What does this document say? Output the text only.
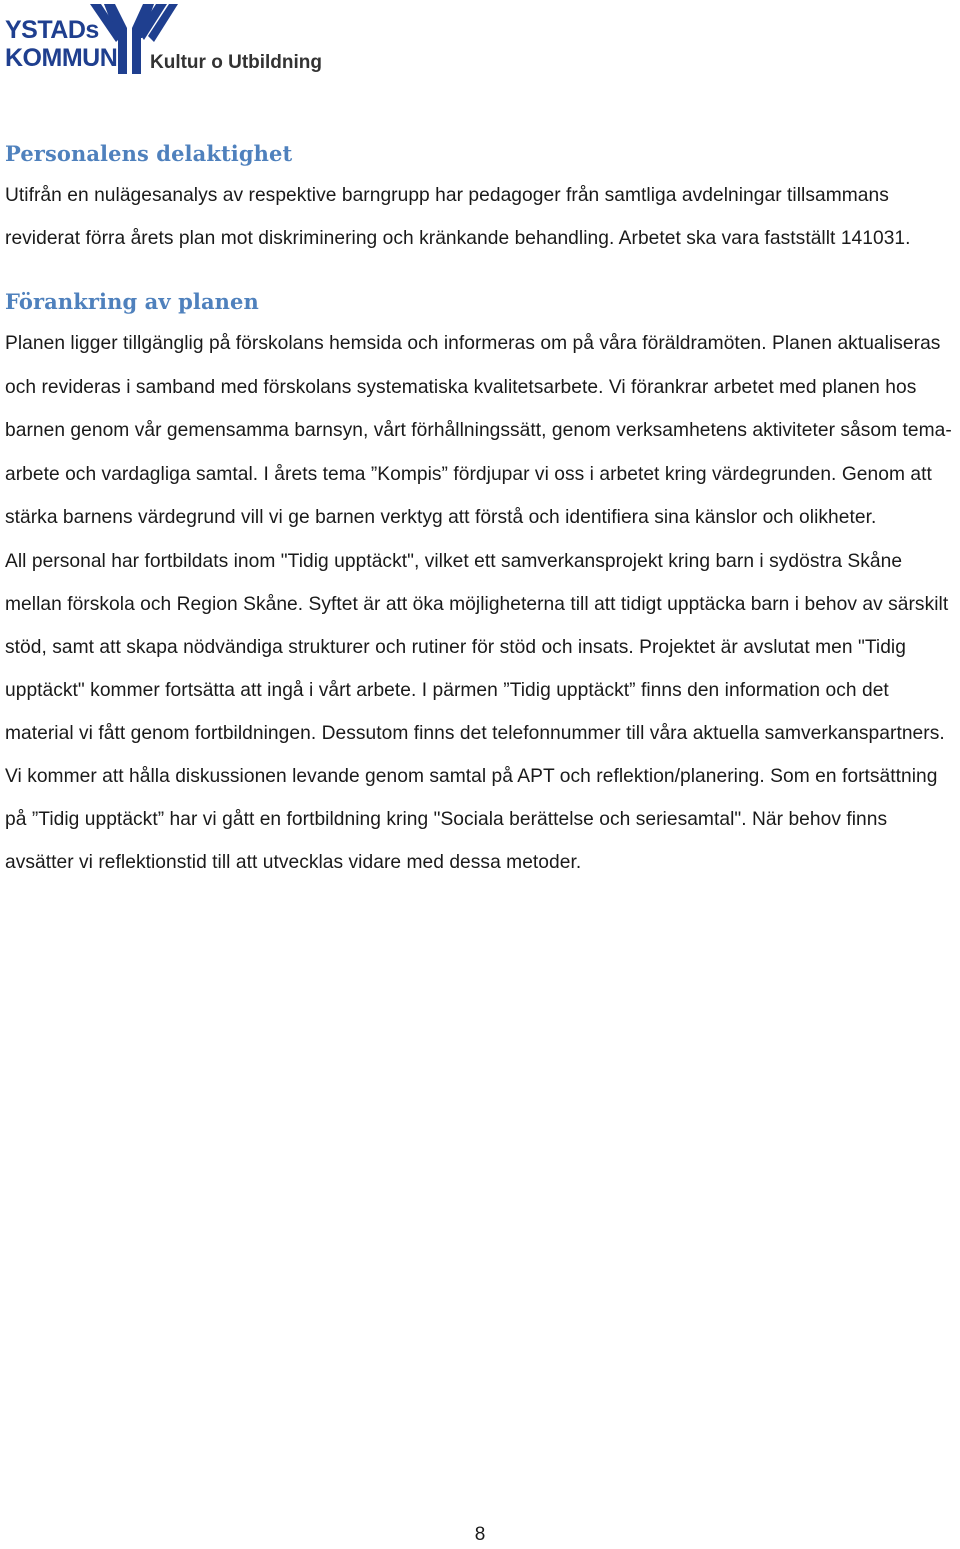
YSTADs
KOMMUN Kultur o Utbildning
Personalens delaktighet

Utifrån en nulägesanalys av respektive barngrupp har pedagoger från samtliga avdelningar tillsammans reviderat förra årets plan mot diskriminering och kränkande behandling. Arbetet ska vara fastställt 141031.

Förankring av planen

Planen ligger tillgänglig på förskolans hemsida och informeras om på våra föräldramöten. Planen aktualiseras och revideras i samband med förskolans systematiska kvalitetsarbete. Vi förankrar arbetet med planen hos barnen genom vår gemensamma barnsyn, vårt förhållningssätt, genom verksamhetens aktiviteter såsom tema-arbete och vardagliga samtal. I årets tema ”Kompis” fördjupar vi oss i arbetet kring värdegrunden. Genom att stärka barnens värdegrund vill vi ge barnen verktyg att förstå och identifiera sina känslor och olikheter.

All personal har fortbildats inom "Tidig upptäckt", vilket ett samverkansprojekt kring barn i sydöstra Skåne mellan förskola och Region Skåne. Syftet är att öka möjligheterna till att tidigt upptäcka barn i behov av särskilt stöd, samt att skapa nödvändiga strukturer och rutiner för stöd och insats. Projektet är avslutat men "Tidig upptäckt" kommer fortsätta att ingå i vårt arbete. I pärmen ”Tidig upptäckt” finns den information och det material vi fått genom fortbildningen. Dessutom finns det telefonnummer till våra aktuella samverkanspartners. Vi kommer att hålla diskussionen levande genom samtal på APT och reflektion/planering. Som en fortsättning på ”Tidig upptäckt” har vi gått en fortbildning kring "Sociala berättelse och seriesamtal". När behov finns avsätter vi reflektionstid till att utvecklas vidare med dessa metoder.

8
